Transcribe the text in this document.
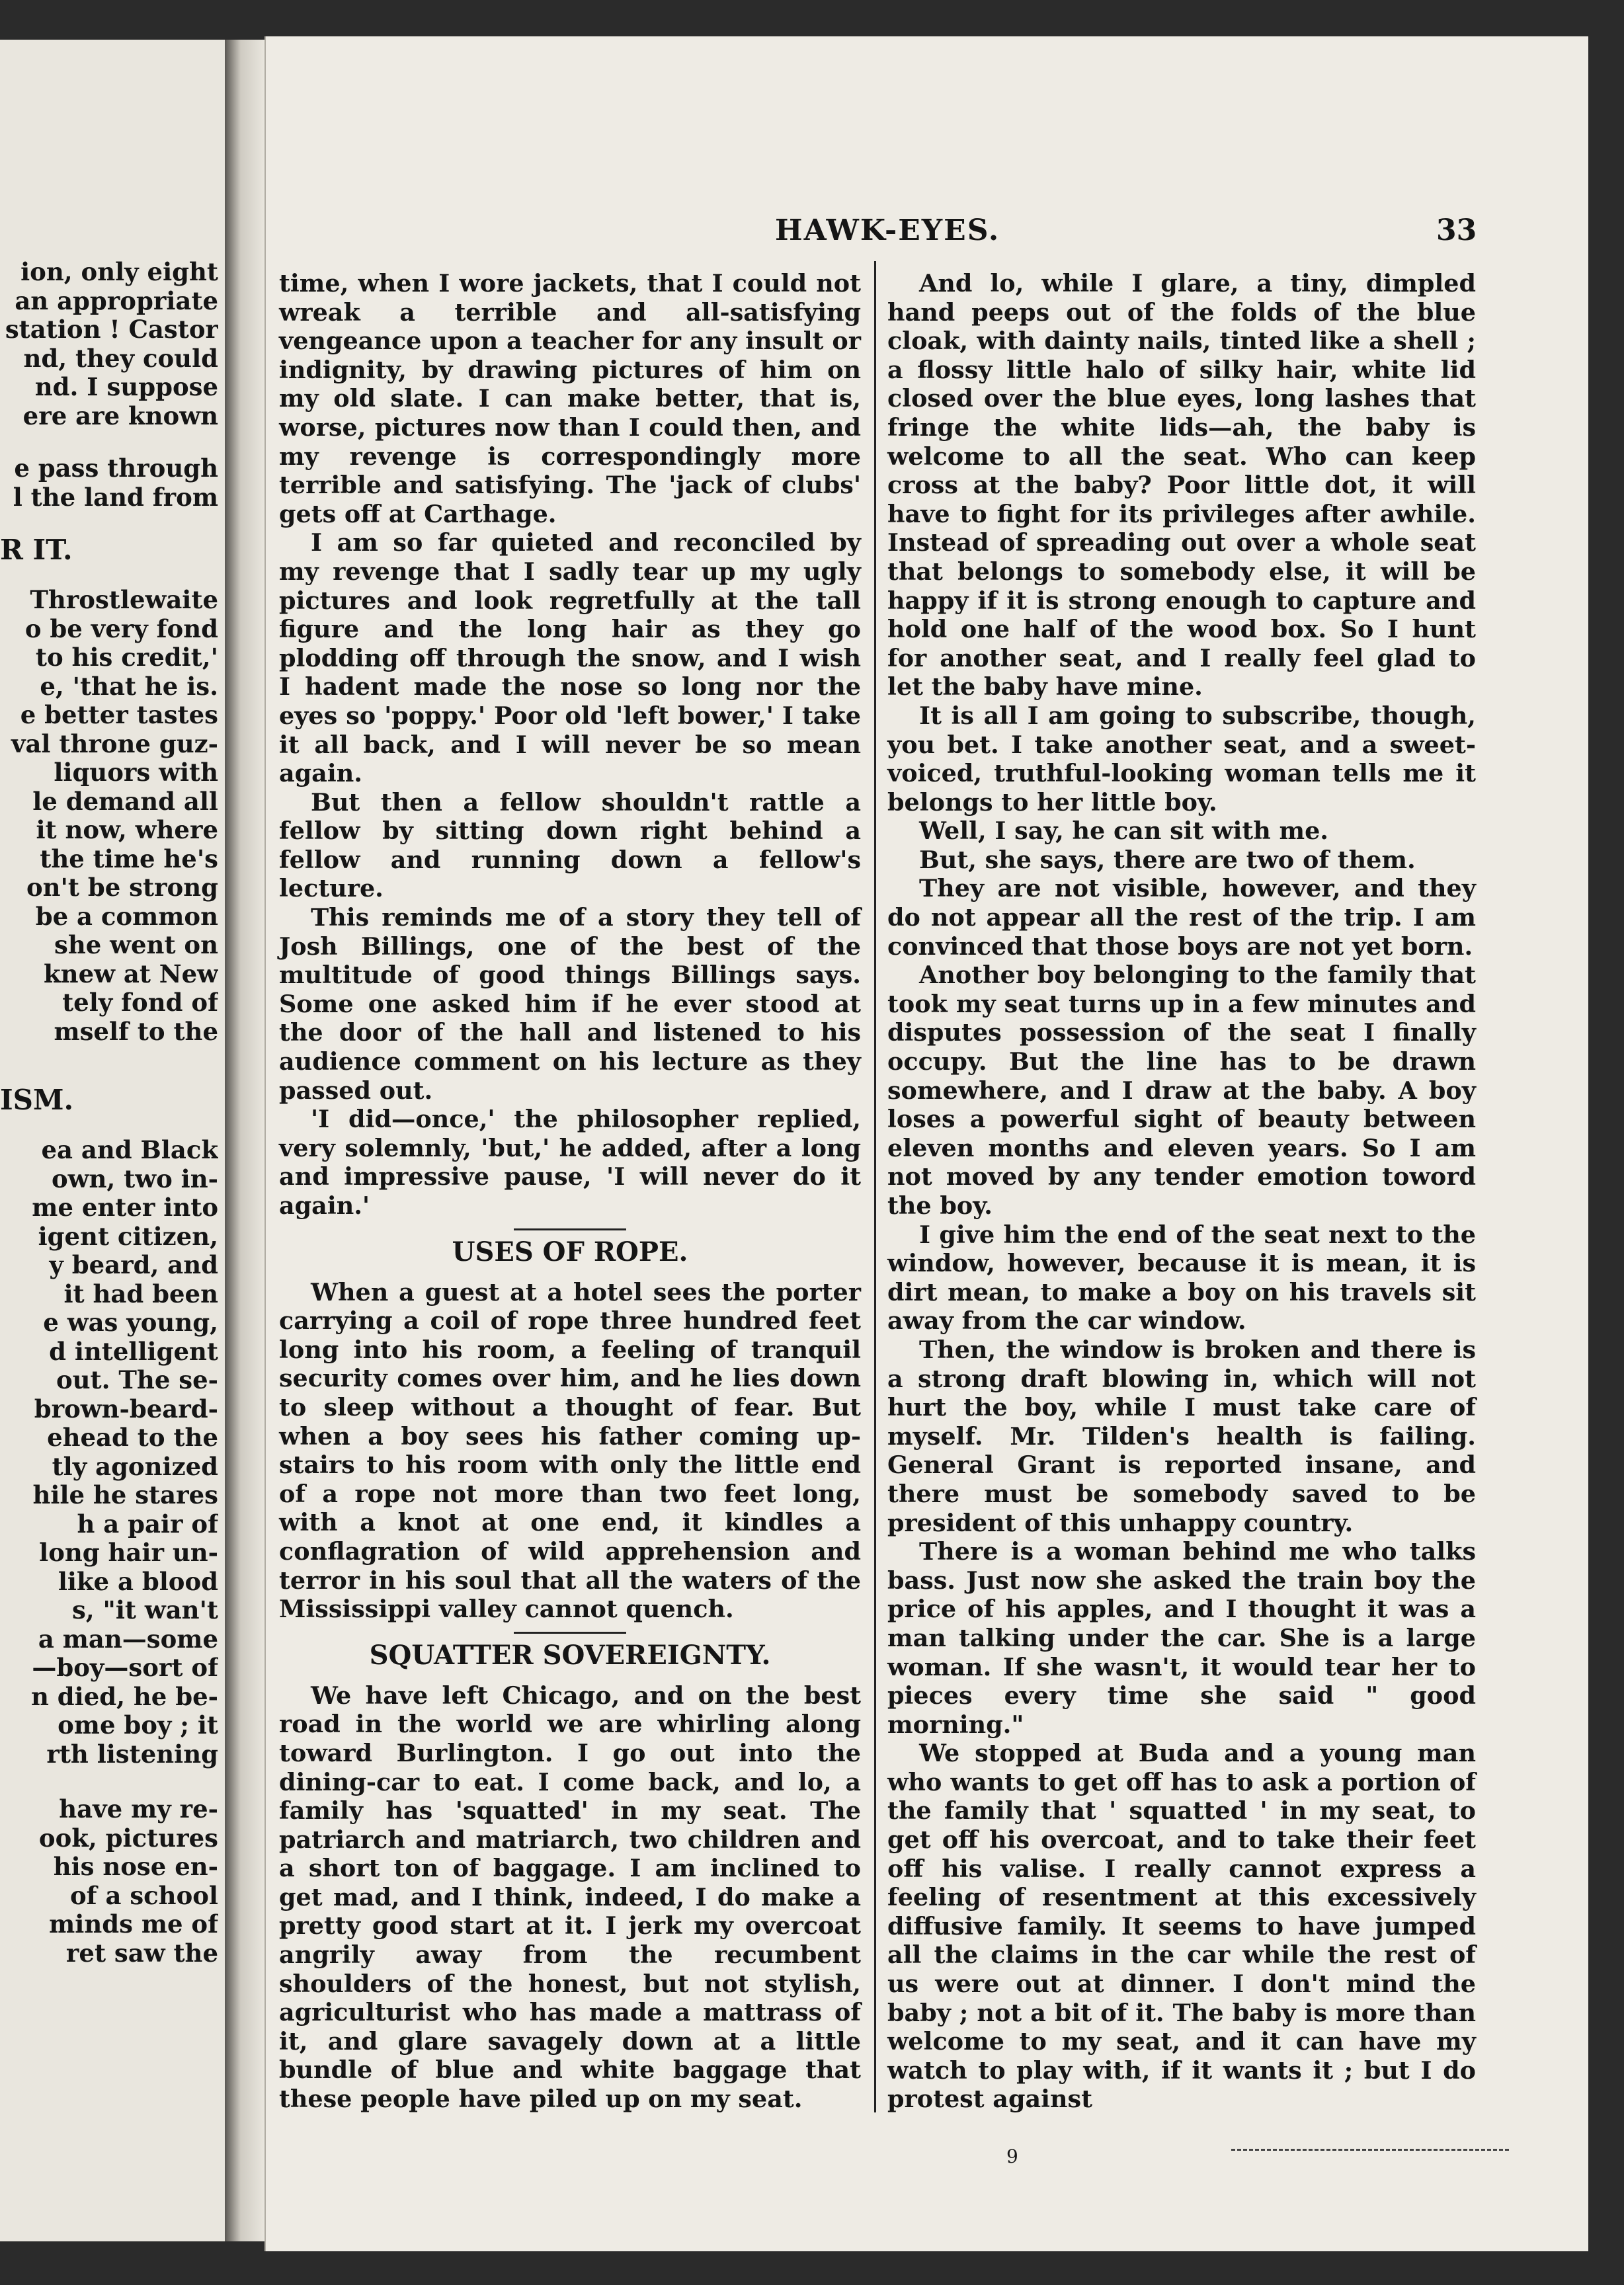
ion, only eight
an appropriate
station ! Castor
nd, they could
nd. I suppose
ere are known
e pass through
l the land from
R IT.
Throstlewaite
o be very fond
to his credit,'
e, 'that he is.
e better tastes
val throne guz-
liquors with
le demand all
it now, where
the time he's
on't be strong
be a common
she went on
knew at New
tely fond of
mself to the
ISM.
ea and Black
own, two in-
me enter into
igent citizen,
y beard, and
it had been
e was young,
d intelligent
out. The se-
brown-beard-
ehead to the
tly agonized
hile he stares
h a pair of
long hair un-
like a blood
s, "it wan't
a man—some
—boy—sort of
n died, he be-
ome boy ; it
rth listening
have my re-
ook, pictures
his nose en-
of a school
minds me of
ret saw the
HAWK-EYES.	33

time, when I wore jackets, that I could not wreak a terrible and all-satisfying vengeance upon a teacher for any insult or indignity, by drawing pictures of him on my old slate. I can make better, that is, worse, pictures now than I could then, and my revenge is correspondingly more terrible and satisfying. The 'jack of clubs' gets off at Carthage.

I am so far quieted and reconciled by my revenge that I sadly tear up my ugly pictures and look regretfully at the tall figure and the long hair as they go plodding off through the snow, and I wish I hadent made the nose so long nor the eyes so 'poppy.' Poor old 'left bower,' I take it all back, and I will never be so mean again.

But then a fellow shouldn't rattle a fellow by sitting down right behind a fellow and running down a fellow's lecture.

This reminds me of a story they tell of Josh Billings, one of the best of the multitude of good things Billings says. Some one asked him if he ever stood at the door of the hall and listened to his audience comment on his lecture as they passed out.

'I did—once,' the philosopher replied, very solemnly, 'but,' he added, after a long and impressive pause, 'I will never do it again.'

USES OF ROPE.

When a guest at a hotel sees the porter carrying a coil of rope three hundred feet long into his room, a feeling of tranquil security comes over him, and he lies down to sleep without a thought of fear. But when a boy sees his father coming up-stairs to his room with only the little end of a rope not more than two feet long, with a knot at one end, it kindles a conflagration of wild apprehension and terror in his soul that all the waters of the Mississippi valley cannot quench.

SQUATTER SOVEREIGNTY.

We have left Chicago, and on the best road in the world we are whirling along toward Burlington. I go out into the dining-car to eat. I come back, and lo, a family has 'squatted' in my seat. The patriarch and matriarch, two children and a short ton of baggage. I am inclined to get mad, and I think, indeed, I do make a pretty good start at it. I jerk my overcoat angrily away from the recumbent shoulders of the honest, but not stylish, agriculturist who has made a mattrass of it, and glare savagely down at a little bundle of blue and white baggage that these people have piled up on my seat.

And lo, while I glare, a tiny, dimpled hand peeps out of the folds of the blue cloak, with dainty nails, tinted like a shell ; a flossy little halo of silky hair, white lid closed over the blue eyes, long lashes that fringe the white lids—ah, the baby is welcome to all the seat. Who can keep cross at the baby? Poor little dot, it will have to fight for its privileges after awhile. Instead of spreading out over a whole seat that belongs to somebody else, it will be happy if it is strong enough to capture and hold one half of the wood box. So I hunt for another seat, and I really feel glad to let the baby have mine.

It is all I am going to subscribe, though, you bet. I take another seat, and a sweet-voiced, truthful-looking woman tells me it belongs to her little boy.

Well, I say, he can sit with me.

But, she says, there are two of them.

They are not visible, however, and they do not appear all the rest of the trip. I am convinced that those boys are not yet born.

Another boy belonging to the family that took my seat turns up in a few minutes and disputes possession of the seat I finally occupy. But the line has to be drawn somewhere, and I draw at the baby. A boy loses a powerful sight of beauty between eleven months and eleven years. So I am not moved by any tender emotion toword the boy.

I give him the end of the seat next to the window, however, because it is mean, it is dirt mean, to make a boy on his travels sit away from the car window.

Then, the window is broken and there is a strong draft blowing in, which will not hurt the boy, while I must take care of myself. Mr. Tilden's health is failing. General Grant is reported insane, and there must be somebody saved to be president of this unhappy country.

There is a woman behind me who talks bass. Just now she asked the train boy the price of his apples, and I thought it was a man talking under the car. She is a large woman. If she wasn't, it would tear her to pieces every time she said " good morning."

We stopped at Buda and a young man who wants to get off has to ask a portion of the family that ' squatted ' in my seat, to get off his overcoat, and to take their feet off his valise. I really cannot express a feeling of resentment at this excessively diffusive family. It seems to have jumped all the claims in the car while the rest of us were out at dinner. I don't mind the baby ; not a bit of it. The baby is more than welcome to my seat, and it can have my watch to play with, if it wants it ; but I do protest against

9
